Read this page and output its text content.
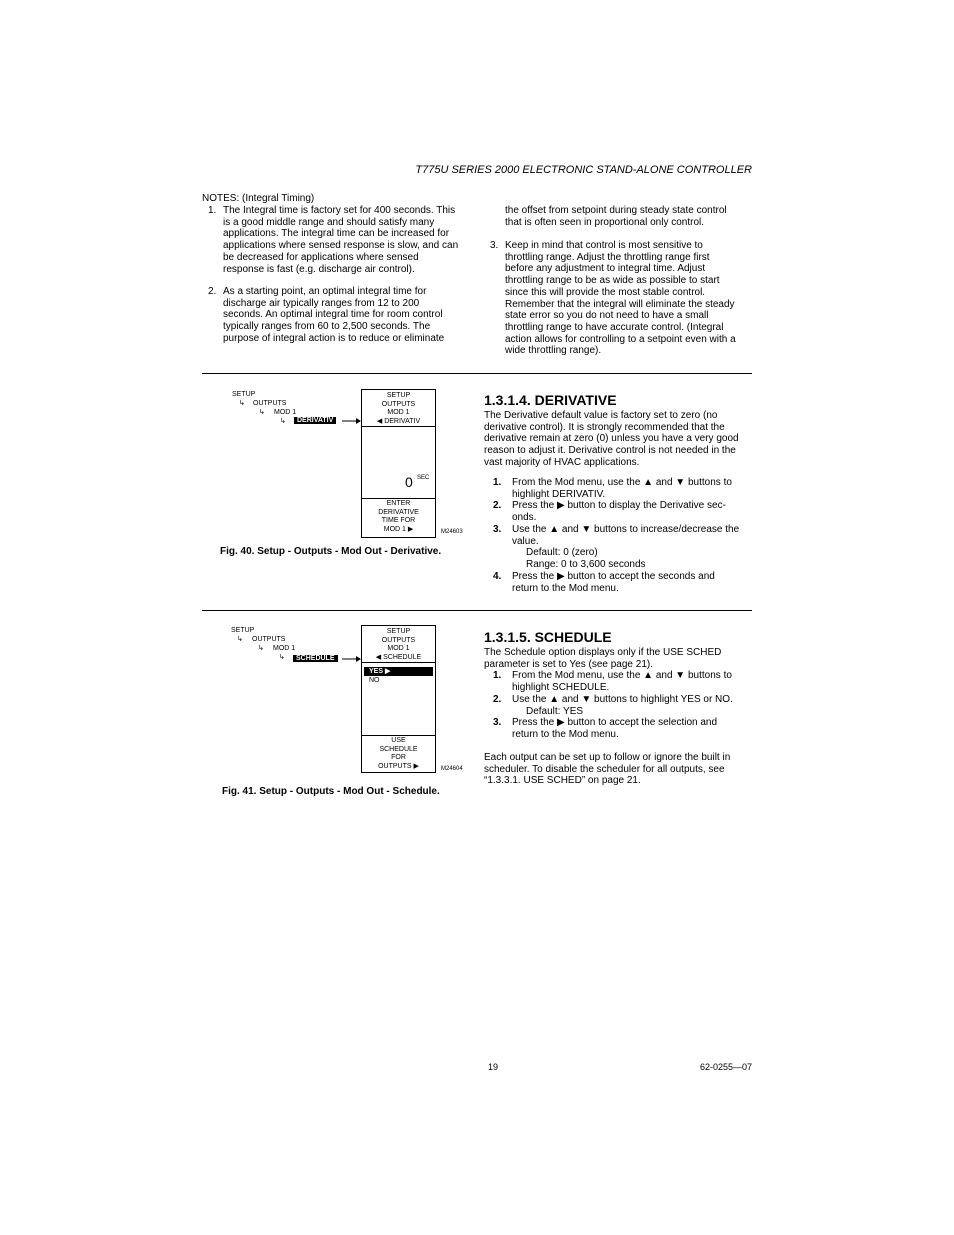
T775U SERIES 2000 ELECTRONIC STAND-ALONE CONTROLLER
NOTES: (Integral Timing)
1. The Integral time is factory set for 400 seconds. This
is a good middle range and should satisfy many
applications. The integral time can be increased for
applications where sensed response is slow, and can
be decreased for applications where sensed
response is fast (e.g. discharge air control).
2. As a starting point, an optimal integral time for
discharge air typically ranges from 12 to 200
seconds. An optimal integral time for room control
typically ranges from 60 to 2,500 seconds. The
purpose of integral action is to reduce or eliminate
the offset from setpoint during steady state control
that is often seen in proportional only control.
3. Keep in mind that control is most sensitive to
throttling range. Adjust the throttling range first
before any adjustment to integral time. Adjust
throttling range to be as wide as possible to start
since this will provide the most stable control.
Remember that the integral will eliminate the steady
state error so you do not need to have a small
throttling range to have accurate control. (Integral
action allows for controlling to a setpoint even with a
wide throttling range).
SETUP
↳ OUTPUTS
↳ MOD 1
↳	DERIVATIV
SETUP
OUTPUTS
MOD 1
◀ DERIVATIV
0 SEC
ENTER
DERIVATIVE
TIME FOR
MOD 1 ▶	M24603
Fig. 40. Setup - Outputs - Mod Out - Derivative.
1.3.1.4. DERIVATIVE
The Derivative default value is factory set to zero (no
derivative control). It is strongly recommended that the
derivative remain at zero (0) unless you have a very good
reason to adjust it. Derivative control is not needed in the
vast majority of HVAC applications.
1. From the Mod menu, use the ▲ and ▼ buttons to
highlight DERIVATIV.
2. Press the ▶ button to display the Derivative sec-
onds.
3. Use the ▲ and ▼ buttons to increase/decrease the
value.
Default: 0 (zero)
Range: 0 to 3,600 seconds
4. Press the ▶ button to accept the seconds and
return to the Mod menu.
SETUP
↳ OUTPUTS
↳ MOD 1
↳	SCHEDULE
SETUP
OUTPUTS
MOD 1
◀ SCHEDULE
YES ▶
NO
USE
SCHEDULE
FOR
OUTPUTS ▶	M24604
Fig. 41. Setup - Outputs - Mod Out - Schedule.
1.3.1.5. SCHEDULE
The Schedule option displays only if the USE SCHED
parameter is set to Yes (see page 21).
1. From the Mod menu, use the ▲ and ▼ buttons to
highlight SCHEDULE.
2. Use the ▲ and ▼ buttons to highlight YES or NO.
Default: YES
3. Press the ▶ button to accept the selection and
return to the Mod menu.
Each output can be set up to follow or ignore the built in
scheduler. To disable the scheduler for all outputs, see
“1.3.3.1. USE SCHED” on page 21.
19	62-0255—07
